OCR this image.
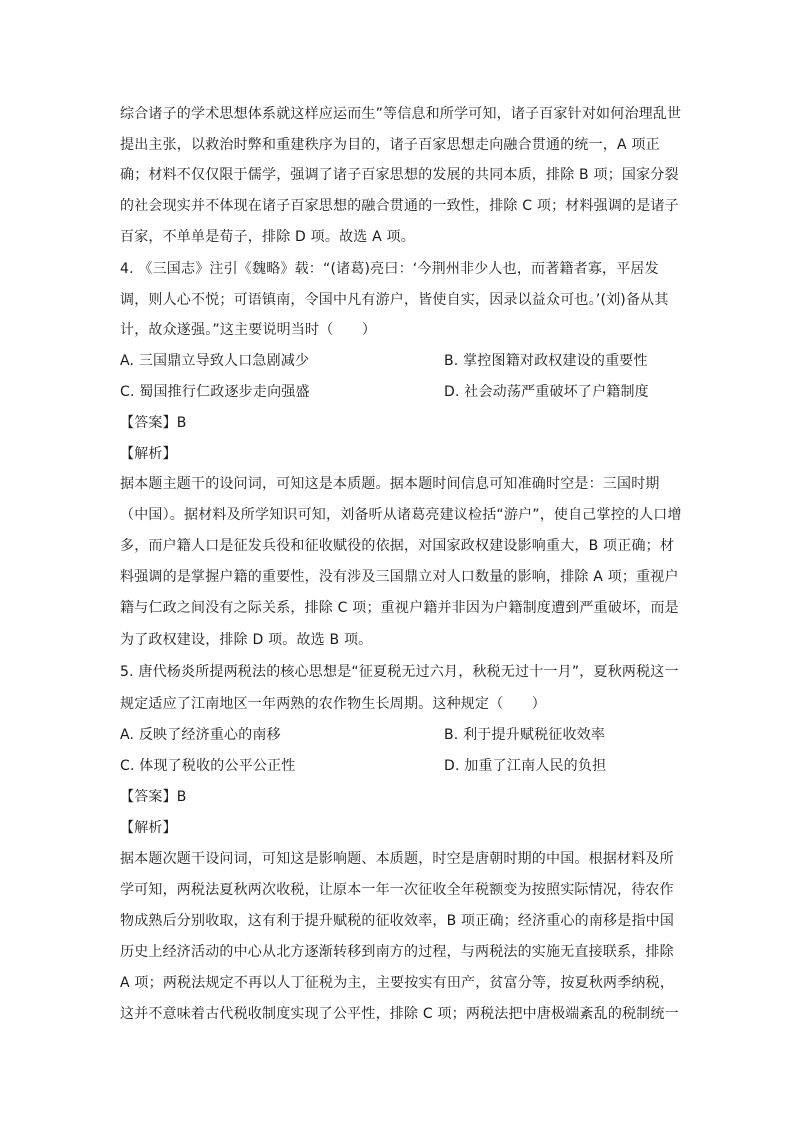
综合诸子的学术思想体系就这样应运而生”等信息和所学可知，诸子百家针对如何治理乱世
提出主张，以救治时弊和重建秩序为目的，诸子百家思想走向融合贯通的统一，A 项正
确；材料不仅仅限于儒学，强调了诸子百家思想的发展的共同本质，排除 B 项；国家分裂
的社会现实并不体现在诸子百家思想的融合贯通的一致性，排除 C 项；材料强调的是诸子
百家，不单单是荀子，排除 D 项。故选 A 项。
4. 《三国志》注引《魏略》载：“(诸葛)亮曰：‘今荆州非少人也，而著籍者寡，平居发
调，则人心不悦；可语镇南，令国中凡有游户，皆使自实，因录以益众可也。’(刘)备从其
计，故众遂强。”这主要说明当时（　　）
A. 三国鼎立导致人口急剧减少	B. 掌控图籍对政权建设的重要性
C. 蜀国推行仁政逐步走向强盛	D. 社会动荡严重破坏了户籍制度
【答案】B
【解析】
据本题主题干的设问词，可知这是本质题。据本题时间信息可知准确时空是：三国时期
（中国）。据材料及所学知识可知，刘备听从诸葛亮建议检括“游户”，使自己掌控的人口增
多，而户籍人口是征发兵役和征收赋役的依据，对国家政权建设影响重大，B 项正确；材
料强调的是掌握户籍的重要性，没有涉及三国鼎立对人口数量的影响，排除 A 项；重视户
籍与仁政之间没有之际关系，排除 C 项；重视户籍并非因为户籍制度遭到严重破坏，而是
为了政权建设，排除 D 项。故选 B 项。
5. 唐代杨炎所提两税法的核心思想是“征夏税无过六月，秋税无过十一月”，夏秋两税这一
规定适应了江南地区一年两熟的农作物生长周期。这种规定（　　）
A. 反映了经济重心的南移	B. 利于提升赋税征收效率
C. 体现了税收的公平公正性	D. 加重了江南人民的负担
【答案】B
【解析】
据本题次题干设问词，可知这是影响题、本质题，时空是唐朝时期的中国。根据材料及所
学可知，两税法夏秋两次收税，让原本一年一次征收全年税额变为按照实际情况，待农作
物成熟后分别收取，这有利于提升赋税的征收效率，B 项正确；经济重心的南移是指中国
历史上经济活动的中心从北方逐渐转移到南方的过程，与两税法的实施无直接联系，排除
A 项；两税法规定不再以人丁征税为主，主要按实有田产，贫富分等，按夏秋两季纳税，
这并不意味着古代税收制度实现了公平性，排除 C 项；两税法把中唐极端紊乱的税制统一
